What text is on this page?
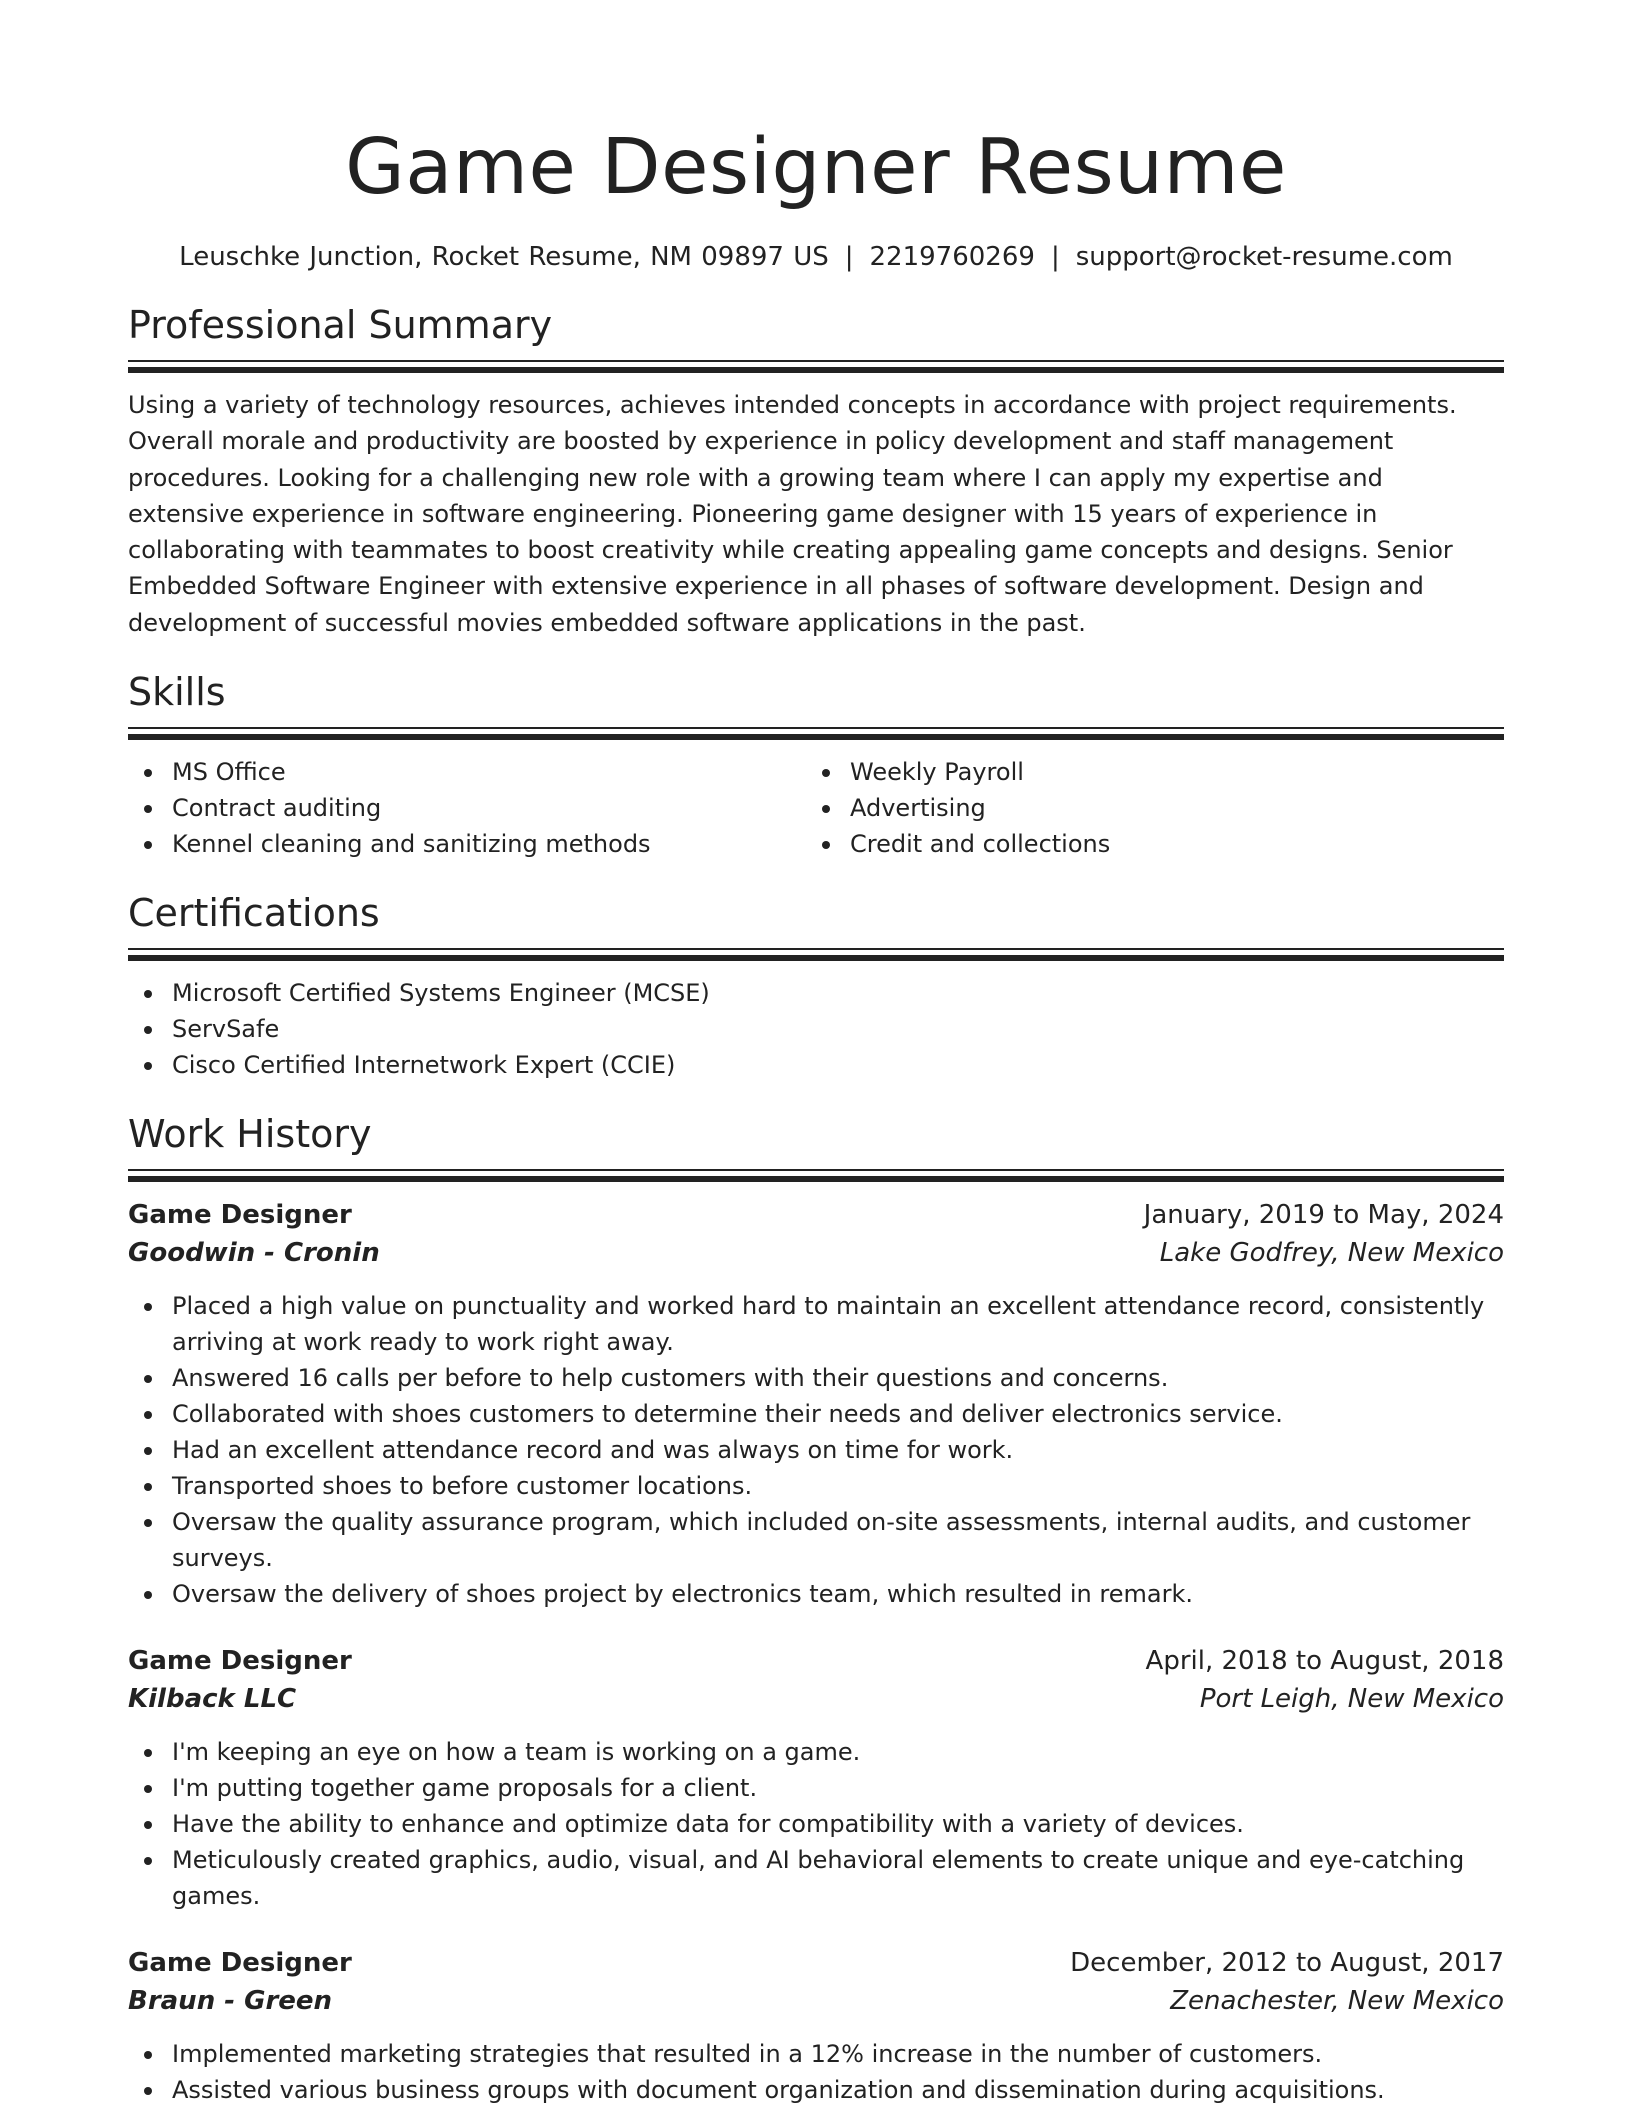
Game Designer Resume
Leuschke Junction, Rocket Resume, NM 09897 US | 2219760269 | support@rocket-resume.com
Professional Summary

Using a variety of technology resources, achieves intended concepts in accordance with project requirements. Overall morale and productivity are boosted by experience in policy development and staff management procedures. Looking for a challenging new role with a growing team where I can apply my expertise and extensive experience in software engineering. Pioneering game designer with 15 years of experience in collaborating with teammates to boost creativity while creating appealing game concepts and designs. Senior Embedded Software Engineer with extensive experience in all phases of software development. Design and development of successful movies embedded software applications in the past.

Skills
MS Office
Contract auditing
Kennel cleaning and sanitizing methods
Weekly Payroll
Advertising
Credit and collections
Certifications
Microsoft Certified Systems Engineer (MCSE)
ServSafe
Cisco Certified Internetwork Expert (CCIE)
Work History
Game Designer	January, 2019 to May, 2024
Goodwin - Cronin	Lake Godfrey, New Mexico
Placed a high value on punctuality and worked hard to maintain an excellent attendance record, consistently arriving at work ready to work right away.
Answered 16 calls per before to help customers with their questions and concerns.
Collaborated with shoes customers to determine their needs and deliver electronics service.
Had an excellent attendance record and was always on time for work.
Transported shoes to before customer locations.
Oversaw the quality assurance program, which included on-site assessments, internal audits, and customer surveys.
Oversaw the delivery of shoes project by electronics team, which resulted in remark.
Game Designer	April, 2018 to August, 2018
Kilback LLC	Port Leigh, New Mexico
I'm keeping an eye on how a team is working on a game.
I'm putting together game proposals for a client.
Have the ability to enhance and optimize data for compatibility with a variety of devices.
Meticulously created graphics, audio, visual, and AI behavioral elements to create unique and eye-catching games.
Game Designer	December, 2012 to August, 2017
Braun - Green	Zenachester, New Mexico
Implemented marketing strategies that resulted in a 12% increase in the number of customers.
Assisted various business groups with document organization and dissemination during acquisitions.
